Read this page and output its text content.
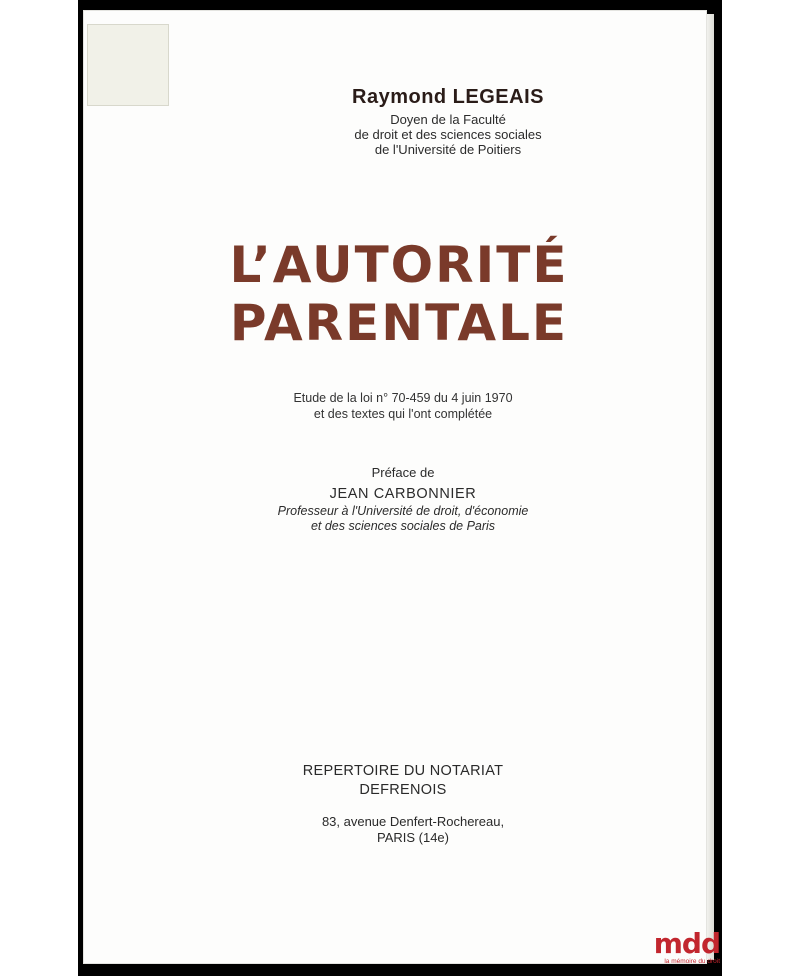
Raymond LEGEAIS
Doyen de la Faculté
de droit et des sciences sociales
de l'Université de Poitiers
L’AUTORITÉ
PARENTALE
Etude de la loi n° 70-459 du 4 juin 1970
et des textes qui l'ont complétée
Préface de
JEAN CARBONNIER
Professeur à l'Université de droit, d'économie
et des sciences sociales de Paris
REPERTOIRE DU NOTARIAT
DEFRENOIS
83, avenue Denfert-Rochereau,
PARIS (14e)
mdd
la mémoire du droit
